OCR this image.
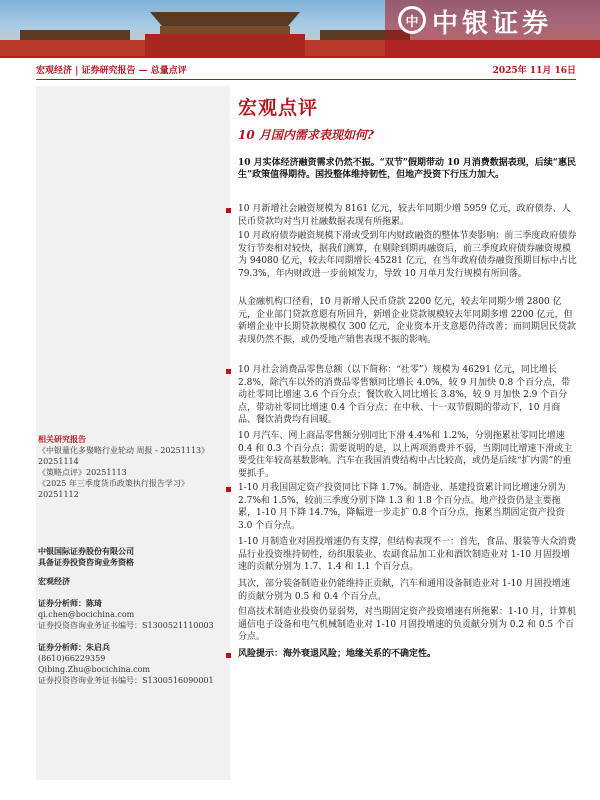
中 中银证券
宏观经济 | 证券研究报告 — 总量点评	2025年 11月 16日
相关研究报告
《中银量化多聚略行业轮动 周报 - 20251113》20251114
《策略点评》20251113
《2025 年三季度货币政策执行报告学习》20251112
中银国际证券股份有限公司
具备证券投资咨询业务资格
宏观经济
证券分析师：陈琦
qi.chen@bocichina.com
证券投资咨询业务证书编号：S1300521110003
证券分析师：朱启兵
(8610)66229359
Qibing.Zhu@bocichina.com
证券投资咨询业务证书编号：S1300516090001
宏观点评
10 月国内需求表现如何?
10 月实体经济融资需求仍然不振。“双节”假期带动 10 月消费数据表现，后续“惠民生”政策值得期待。国投整体维持韧性，但地产投资下行压力加大。
10 月新增社会融资规模为 8161 亿元，较去年同期少增 5959 亿元，政府债券、人民币贷款均对当月社融数据表现有所拖累。
10 月政府债券融资规模下滑或受到年内财政融资的整体节奏影响：前三季度政府债券发行节奏相对较快，据我们测算，在剔除到期再融资后，前三季度政府债券融资规模为 94080 亿元，较去年同期增长 45281 亿元，在当年政府债券融资预期目标中占比 79.3%，年内财政进一步前倾发力，导致 10 月单月发行规模有所回落。
从金融机构口径看，10 月新增人民币贷款 2200 亿元，较去年同期少增 2800 亿元，企业部门贷款意愿有所回升，新增企业贷款规模较去年同期多增 2200 亿元，但新增企业中长期贷款规模仅 300 亿元，企业资本开支意愿仍待改善；而同期居民贷款表现仍然不振，或仍受地产销售表现不振的影响。
10 月社会消费品零售总额（以下简称：“社零”）规模为 46291 亿元，同比增长 2.8%，除汽车以外的消费品零售额同比增长 4.0%，较 9 月加快 0.8 个百分点，带动社零同比增速 3.6 个百分点；餐饮收入同比增长 3.8%，较 9 月加快 2.9 个百分点，带动社零同比增速 0.4 个百分点；在中秋、十一双节假期的带动下，10 月商品、餐饮消费均有回暖。
10 月汽车、网上商品零售额分别同比下滑 4.4%和 1.2%，分别拖累社零同比增速 0.4 和 0.3 个百分点；需要说明的是，以上两项消费并不弱，当期同比增速下滑或主要受往年较高基数影响。汽车在我国消费结构中占比较高，或仍是后续“扩内需”的重要抓手。
1-10 月我国固定资产投资同比下降 1.7%。制造业、基建投资累计同比增速分别为 2.7%和 1.5%，较前三季度分别下降 1.3 和 1.8 个百分点。地产投资仍是主要拖累，1-10 月下降 14.7%，降幅进一步走扩 0.8 个百分点，拖累当期固定资产投资 3.0 个百分点。
1-10 月制造业对固投增速仍有支撑，但结构表现不一：首先，食品、服装等大众消费品行业投资维持韧性，纺织服装业、农副食品加工业和酒饮制造业对 1-10 月固投增速的贡献分别为 1.7、1.4 和 1.1 个百分点。
其次，部分装备制造业仍能维持正贡献，汽车和通用设备制造业对 1-10 月固投增速的贡献分别为 0.5 和 0.4 个百分点。
但高技术制造业投资仍显弱势，对当期固定资产投资增速有所拖累：1-10 月，计算机通信电子设备和电气机械制造业对 1-10 月固投增速的负贡献分别为 0.2 和 0.5 个百分点。
风险提示：海外衰退风险；地缘关系的不确定性。
